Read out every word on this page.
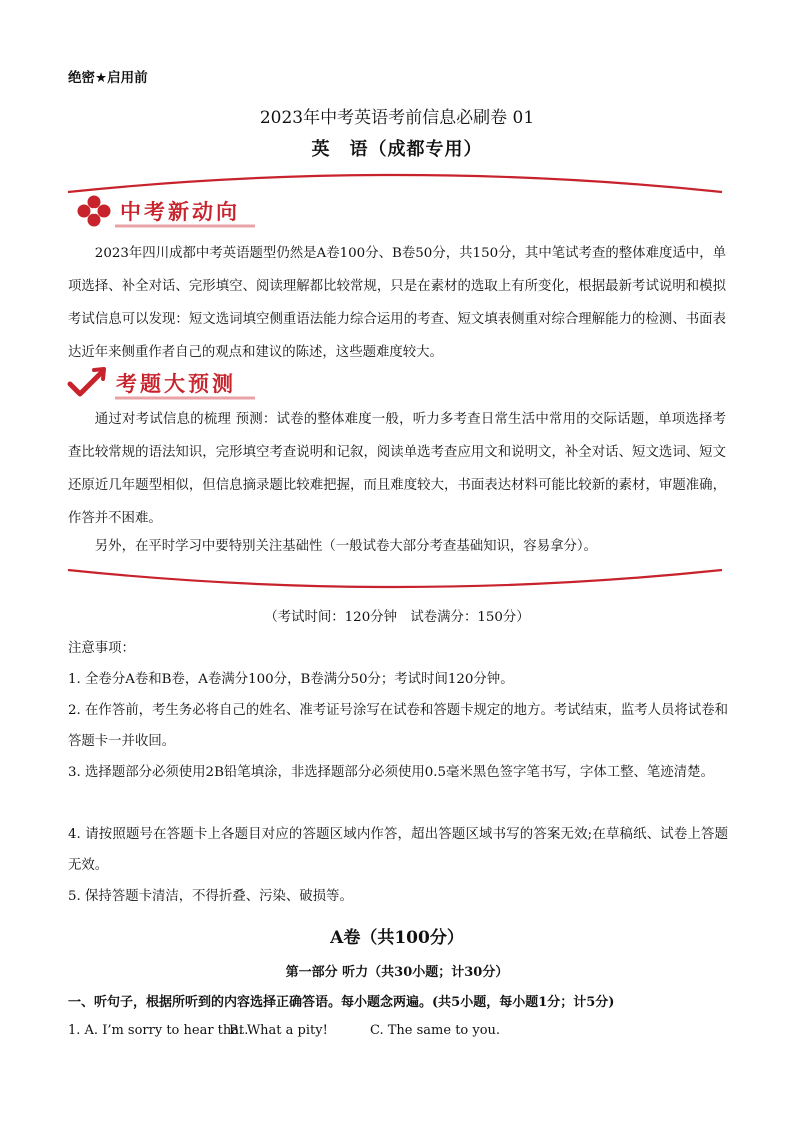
绝密★启用前
2023年中考英语考前信息必刷卷 01
英　语（成都专用）
中考新动向
2023年四川成都中考英语题型仍然是A卷100分、B卷50分，共150分，其中笔试考查的整体难度适中，单项选择、补全对话、完形填空、阅读理解都比较常规，只是在素材的选取上有所变化，根据最新考试说明和模拟考试信息可以发现：短文选词填空侧重语法能力综合运用的考查、短文填表侧重对综合理解能力的检测、书面表达近年来侧重作者自己的观点和建议的陈述，这些题难度较大。
考题大预测
通过对考试信息的梳理 预测：试卷的整体难度一般，听力多考查日常生活中常用的交际话题，单项选择考查比较常规的语法知识，完形填空考查说明和记叙，阅读单选考查应用文和说明文，补全对话、短文选词、短文还原近几年题型相似，但信息摘录题比较难把握，而且难度较大，书面表达材料可能比较新的素材，审题准确，作答并不困难。
另外，在平时学习中要特别关注基础性（一般试卷大部分考查基础知识，容易拿分）。
（考试时间：120分钟　试卷满分：150分）
注意事项：
1. 全卷分A卷和B卷，A卷满分100分，B卷满分50分；考试时间120分钟。
2. 在作答前，考生务必将自己的姓名、准考证号涂写在试卷和答题卡规定的地方。考试结束，监考人员将试卷和答题卡一并收回。
3. 选择题部分必须使用2B铅笔填涂，非选择题部分必须使用0.5毫米黑色签字笔书写，字体工整、笔迹清楚。
4. 请按照题号在答题卡上各题目对应的答题区域内作答，超出答题区域书写的答案无效;在草稿纸、试卷上答题无效。
5. 保持答题卡清洁，不得折叠、污染、破损等。
A卷（共100分）
第一部分 听力（共30小题；计30分）
一、听句子，根据所听到的内容选择正确答语。每小题念两遍。(共5小题，每小题1分；计5分)
1. A. I’m sorry to hear that.
B. What a pity!	C. The same to you.
